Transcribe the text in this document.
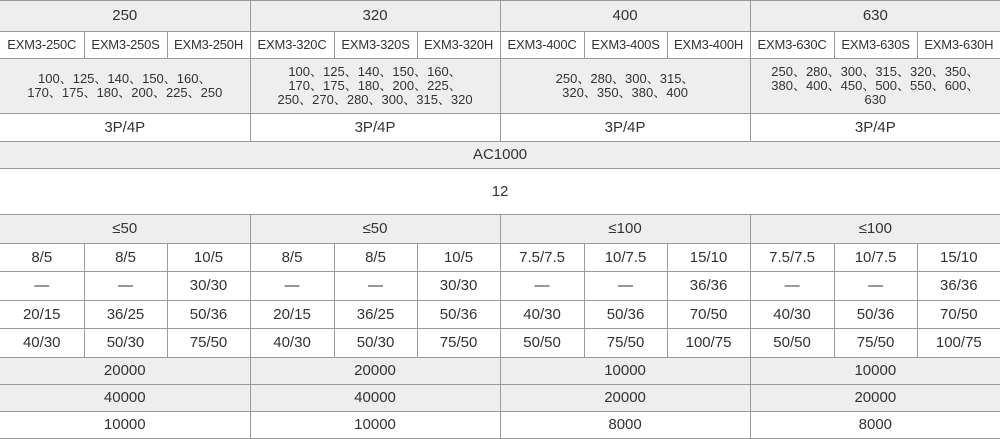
250			320			400			630		
EXM3-250C	EXM3-250S	EXM3-250H	EXM3-320C	EXM3-320S	EXM3-320H	EXM3-400C	EXM3-400S	EXM3-400H	EXM3-630C	EXM3-630S	EXM3-630H
100、125、140、150、160、170、175、180、200、225、250			100、125、140、150、160、170、175、180、200、225、250、270、280、300、315、320			250、280、300、315、320、350、380、400			250、280、300、315、320、350、380、400、450、500、550、600、630		
3P/4P			3P/4P			3P/4P			3P/4P		
AC1000											
12											
≤50			≤50			≤100			≤100		
8/5	8/5	10/5	8/5	8/5	10/5	7.5/7.5	10/7.5	15/10	7.5/7.5	10/7.5	15/10
—	—	30/30	—	—	30/30	—	—	36/36	—	—	36/36
20/15	36/25	50/36	20/15	36/25	50/36	40/30	50/36	70/50	40/30	50/36	70/50
40/30	50/30	75/50	40/30	50/30	75/50	50/50	75/50	100/75	50/50	75/50	100/75
20000			20000			10000			10000		
40000			40000			20000			20000		
10000			10000			8000			8000		
